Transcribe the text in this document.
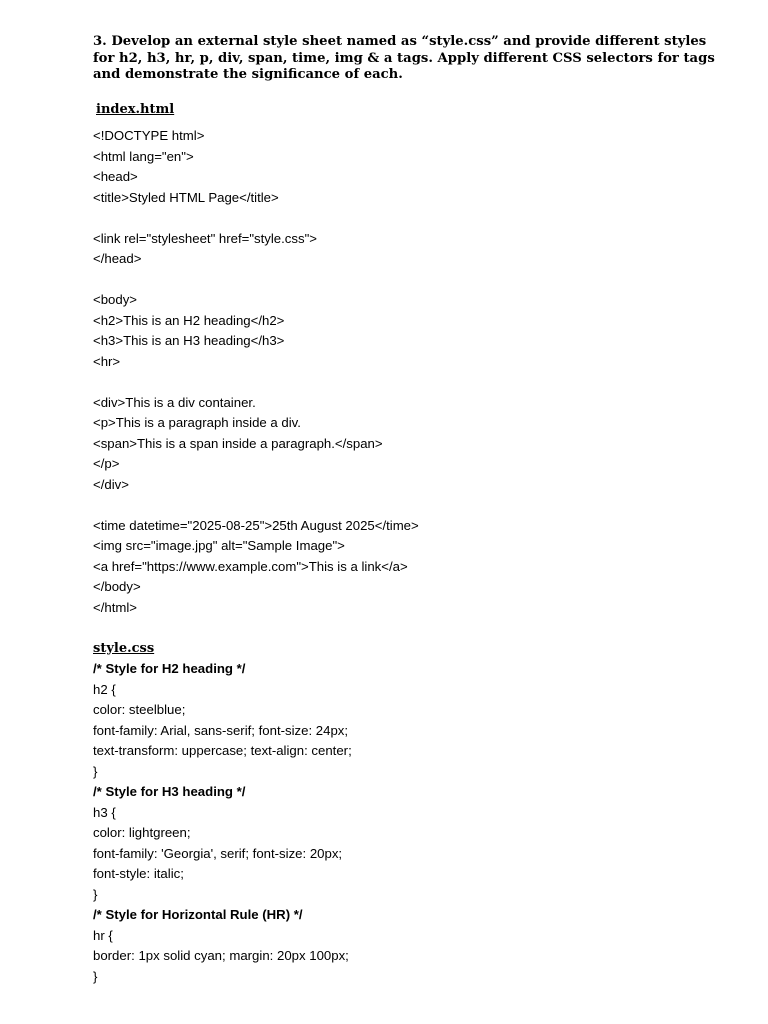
3. Develop an external style sheet named as “style.css” and provide different styles
for h2, h3, hr, p, div, span, time, img & a tags. Apply different CSS selectors for tags
and demonstrate the significance of each.
index.html
<!DOCTYPE html>
<html lang="en">
<head>
<title>Styled HTML Page</title>
<link rel="stylesheet" href="style.css">
</head>
<body>
<h2>This is an H2 heading</h2>
<h3>This is an H3 heading</h3>
<hr>
<div>This is a div container.
<p>This is a paragraph inside a div.
<span>This is a span inside a paragraph.</span>
</p>
</div>
<time datetime="2025-08-25">25th August 2025</time>
<img src="image.jpg" alt="Sample Image">
<a href="https://www.example.com">This is a link</a>
</body>
</html>
style.css
/* Style for H2 heading */
h2 {
color: steelblue;
font-family: Arial, sans-serif; font-size: 24px;
text-transform: uppercase; text-align: center;
}
/* Style for H3 heading */
h3 {
color: lightgreen;
font-family: 'Georgia', serif; font-size: 20px;
font-style: italic;
}
/* Style for Horizontal Rule (HR) */
hr {
border: 1px solid cyan; margin: 20px 100px;
}
